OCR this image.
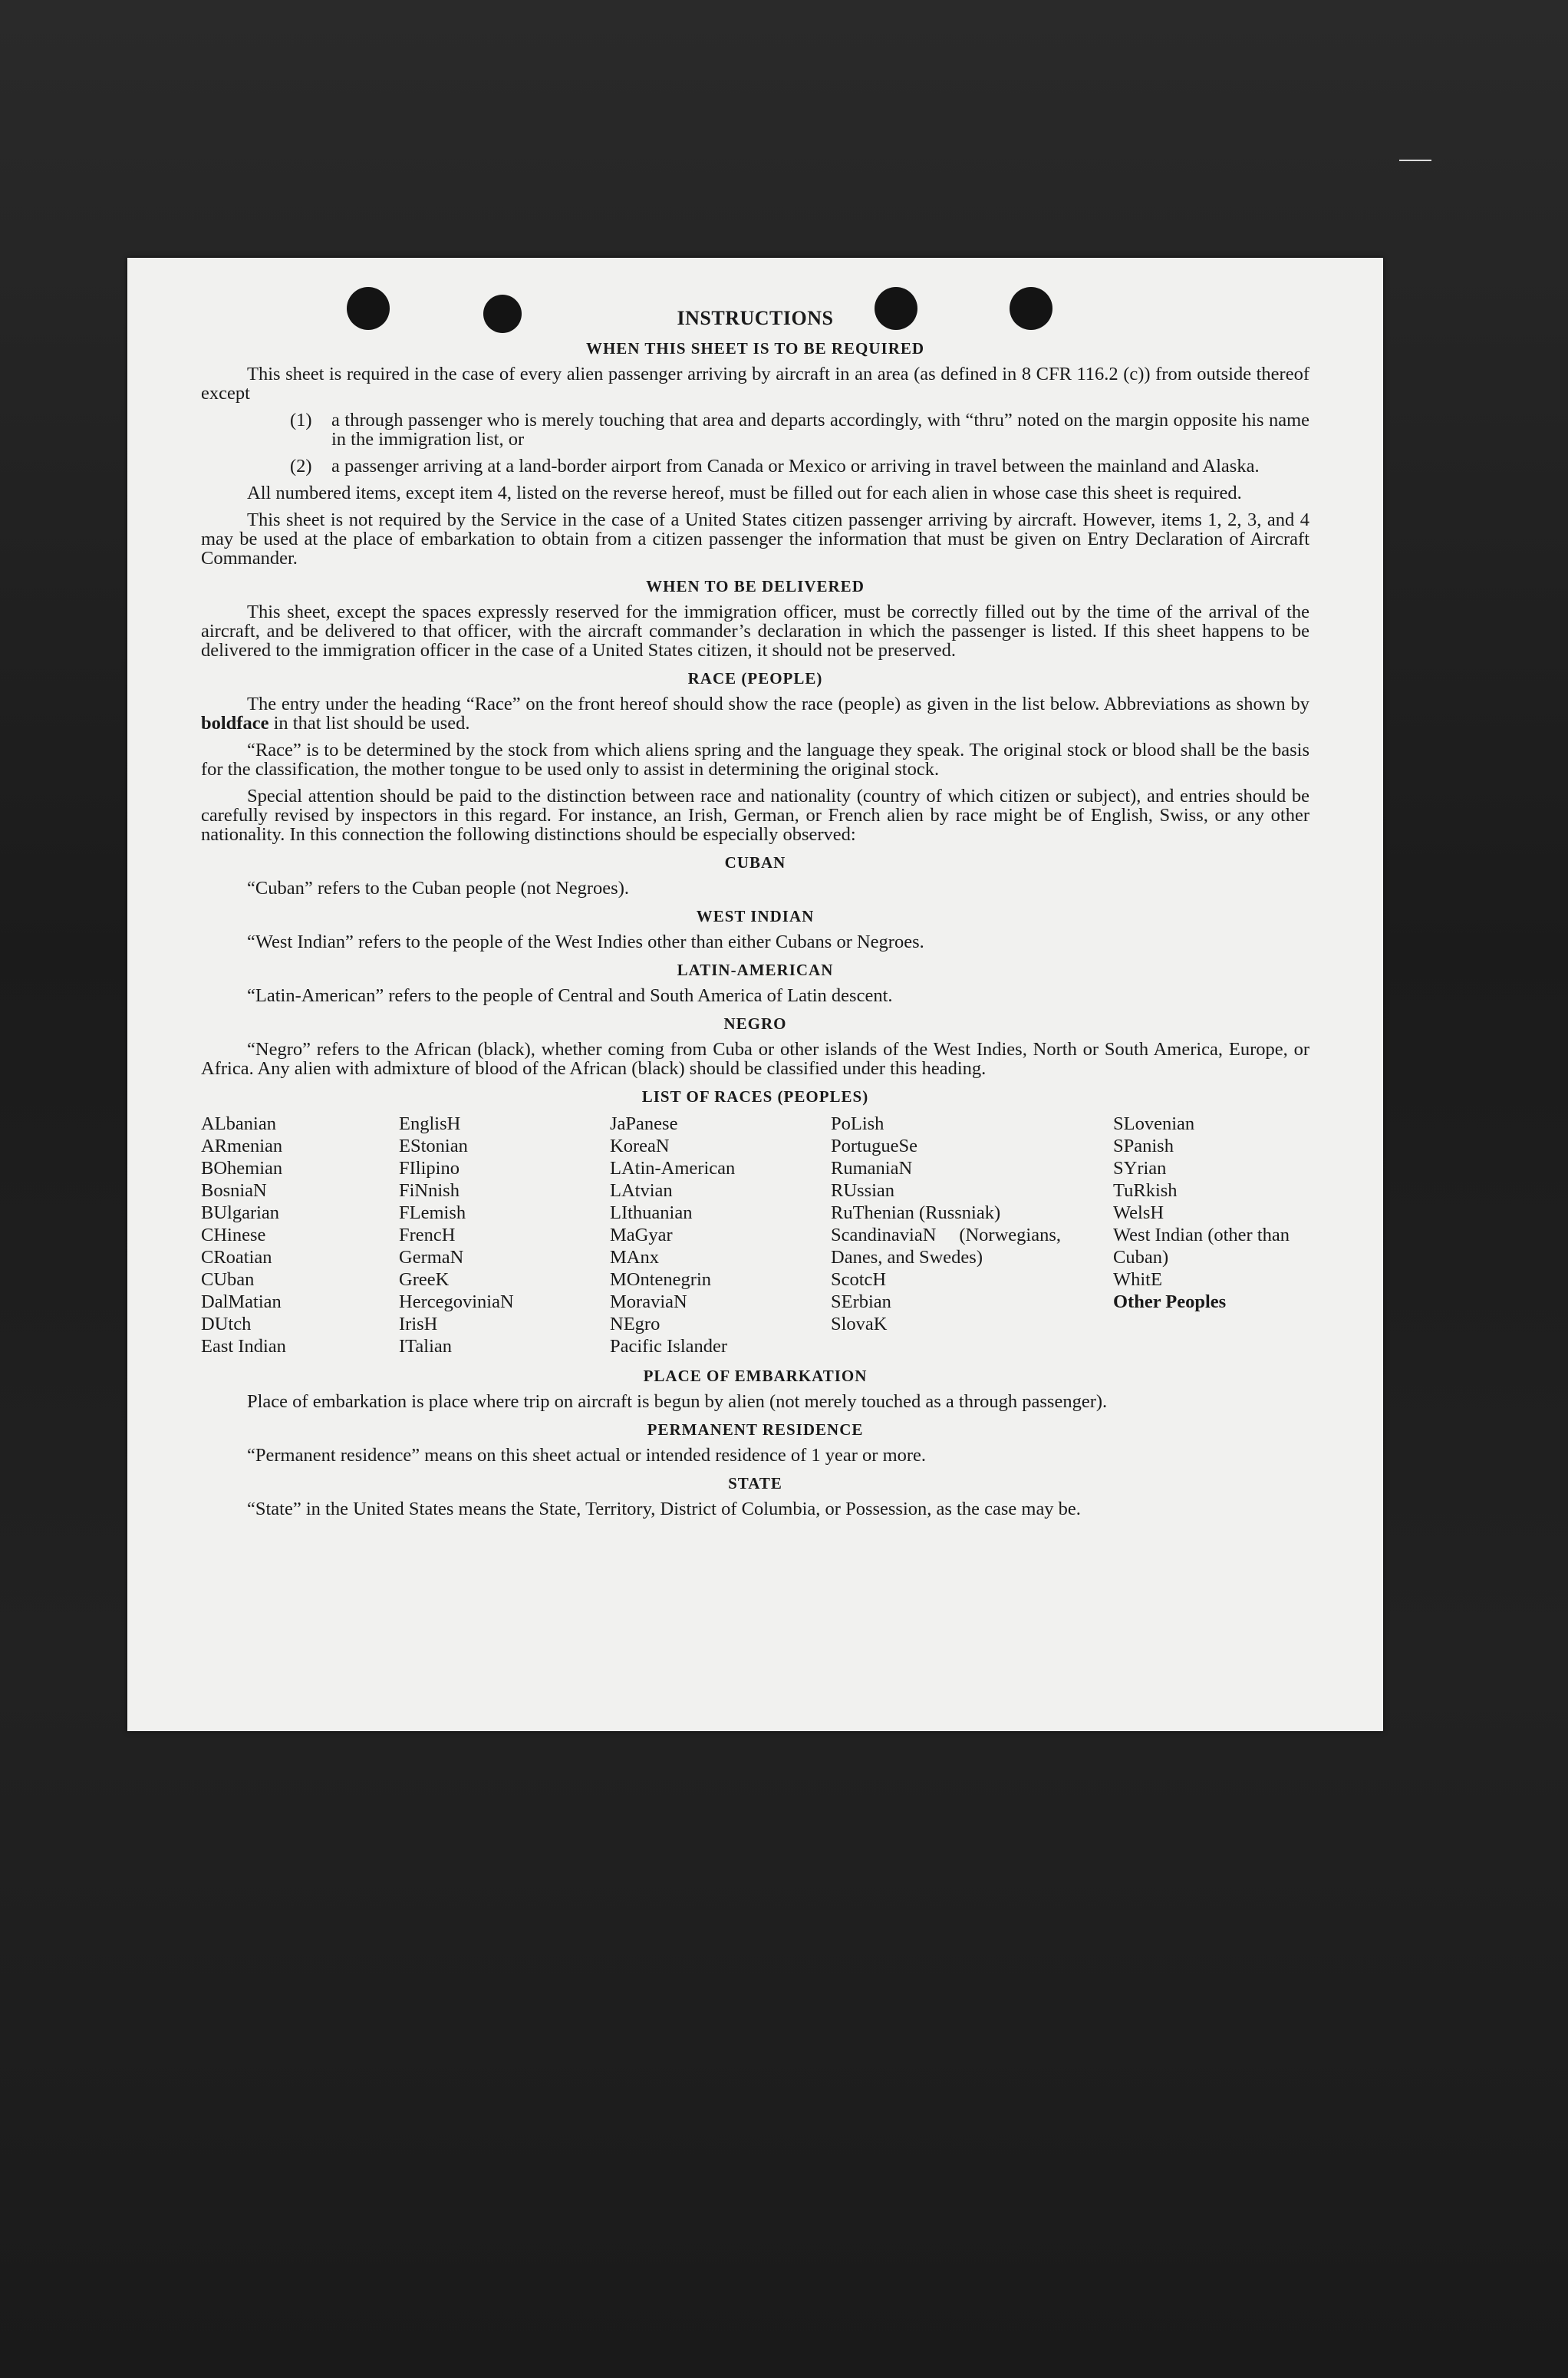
INSTRUCTIONS
WHEN THIS SHEET IS TO BE REQUIRED
This sheet is required in the case of every alien passenger arriving by aircraft in an area (as defined in 8 CFR 116.2 (c)) from outside thereof except
(1)	a through passenger who is merely touching that area and departs accordingly, with “thru” noted on the margin opposite his name in the immigration list, or
(2)	a passenger arriving at a land-border airport from Canada or Mexico or arriving in travel between the mainland and Alaska.
All numbered items, except item 4, listed on the reverse hereof, must be filled out for each alien in whose case this sheet is required.
This sheet is not required by the Service in the case of a United States citizen passenger arriving by aircraft. However, items 1, 2, 3, and 4 may be used at the place of embarkation to obtain from a citizen passenger the information that must be given on Entry Declaration of Aircraft Commander.
WHEN TO BE DELIVERED
This sheet, except the spaces expressly reserved for the immigration officer, must be correctly filled out by the time of the arrival of the aircraft, and be delivered to that officer, with the aircraft commander’s declaration in which the passenger is listed. If this sheet happens to be delivered to the immigration officer in the case of a United States citizen, it should not be preserved.
RACE (PEOPLE)
The entry under the heading “Race” on the front hereof should show the race (people) as given in the list below. Abbreviations as shown by boldface in that list should be used.
“Race” is to be determined by the stock from which aliens spring and the language they speak. The original stock or blood shall be the basis for the classification, the mother tongue to be used only to assist in determining the original stock.
Special attention should be paid to the distinction between race and nationality (country of which citizen or subject), and entries should be carefully revised by inspectors in this regard. For instance, an Irish, German, or French alien by race might be of English, Swiss, or any other nationality. In this connection the following distinctions should be especially observed:
CUBAN
“Cuban” refers to the Cuban people (not Negroes).
WEST INDIAN
“West Indian” refers to the people of the West Indies other than either Cubans or Negroes.
LATIN-AMERICAN
“Latin-American” refers to the people of Central and South America of Latin descent.
NEGRO
“Negro” refers to the African (black), whether coming from Cuba or other islands of the West Indies, North or South America, Europe, or Africa. Any alien with admixture of blood of the African (black) should be classified under this heading.
LIST OF RACES (PEOPLES)
ALbanian
ARmenian
BOhemian
BosniaN
BUlgarian
CHinese
CRoatian
CUban
DalMatian
DUtch
East Indian
EnglisH
EStonian
FIlipino
FiNnish
FLemish
FrencH
GermaN
GreeK
HercegoviniaN
IrisH
ITalian
JaPanese
KoreaN
LAtin-American
LAtvian
LIthuanian
MaGyar
MAnx
MOntenegrin
MoraviaN
NEgro
Pacific Islander
PoLish
PortugueSe
RumaniaN
RUssian
RuThenian (Russniak)
ScandinaviaN (Norwegians, Danes, and Swedes)
ScotcH
SErbian
SlovaK
SLovenian
SPanish
SYrian
TuRkish
WelsH
West Indian (other than Cuban)
WhitE
Other Peoples
PLACE OF EMBARKATION
Place of embarkation is place where trip on aircraft is begun by alien (not merely touched as a through passenger).
PERMANENT RESIDENCE
“Permanent residence” means on this sheet actual or intended residence of 1 year or more.
STATE
“State” in the United States means the State, Territory, District of Columbia, or Possession, as the case may be.
